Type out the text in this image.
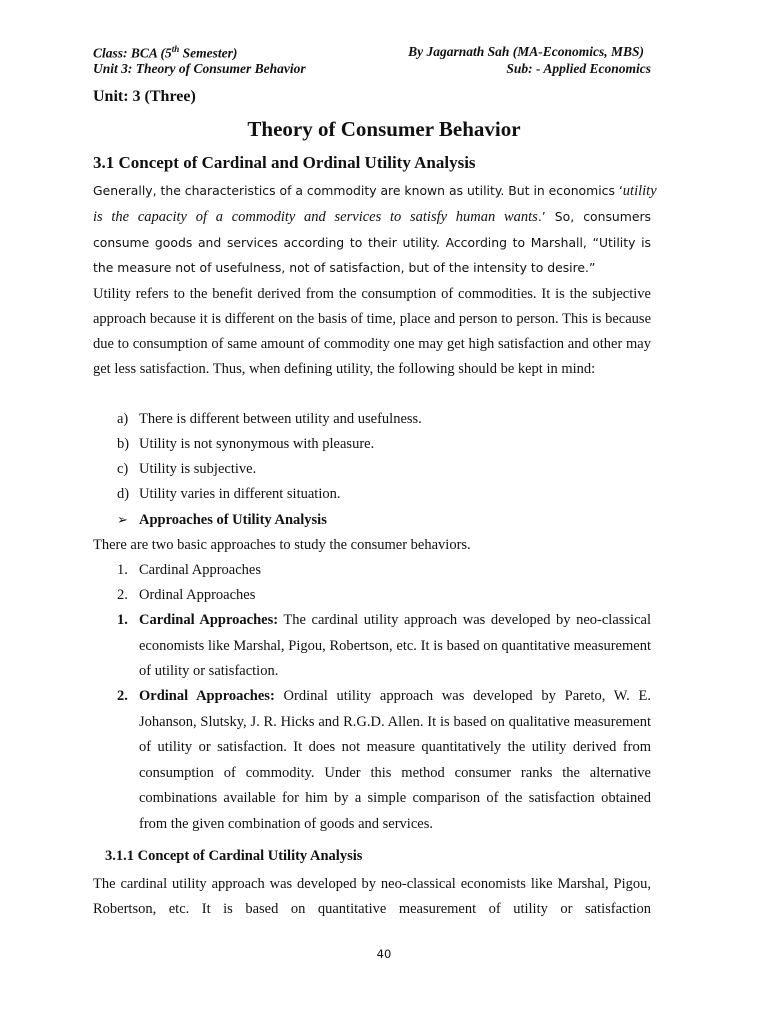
Class: BCA (5th Semester)	By Jagarnath Sah (MA-Economics, MBS)
Unit 3: Theory of Consumer Behavior	Sub: - Applied Economics
Unit: 3 (Three)
Theory of Consumer Behavior
3.1 Concept of Cardinal and Ordinal Utility Analysis
Generally, the characteristics of a commodity are known as utility. But in economics ‘utility
is the capacity of a commodity and services to satisfy human wants.’ So, consumers
consume goods and services according to their utility. According to Marshall, “Utility is
the measure not of usefulness, not of satisfaction, but of the intensity to desire.”
Utility refers to the benefit derived from the consumption of commodities. It is the subjective approach because it is different on the basis of time, place and person to person. This is because due to consumption of same amount of commodity one may get high satisfaction and other may get less satisfaction. Thus, when defining utility, the following should be kept in mind:
a) There is different between utility and usefulness.
b) Utility is not synonymous with pleasure.
c) Utility is subjective.
d) Utility varies in different situation.
➢ Approaches of Utility Analysis
There are two basic approaches to study the consumer behaviors.
1. Cardinal Approaches
2. Ordinal Approaches
1. Cardinal Approaches: The cardinal utility approach was developed by neo-classical economists like Marshal, Pigou, Robertson, etc. It is based on quantitative measurement of utility or satisfaction.
2. Ordinal Approaches: Ordinal utility approach was developed by Pareto, W. E. Johanson, Slutsky, J. R. Hicks and R.G.D. Allen. It is based on qualitative measurement of utility or satisfaction. It does not measure quantitatively the utility derived from consumption of commodity. Under this method consumer ranks the alternative combinations available for him by a simple comparison of the satisfaction obtained from the given combination of goods and services.
3.1.1 Concept of Cardinal Utility Analysis
The cardinal utility approach was developed by neo-classical economists like Marshal, Pigou, Robertson, etc. It is based on quantitative measurement of utility or satisfaction
40
